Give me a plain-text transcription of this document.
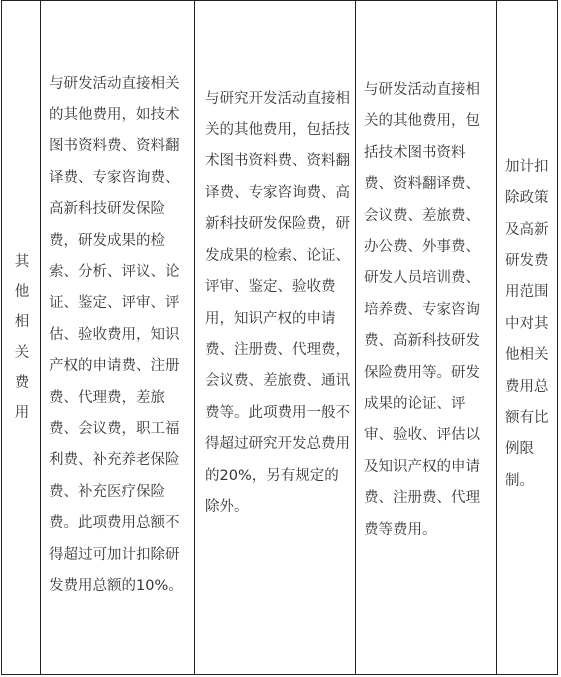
其他相关费用
与研发活动直接相关的其他费用，如技术图书资料费、资料翻译费、专家咨询费、高新科技研发保险费，研发成果的检索、分析、评议、论证、鉴定、评审、评估、验收费用，知识产权的申请费、注册费、代理费，差旅费、会议费，职工福利费、补充养老保险费、补充医疗保险费。此项费用总额不得超过可加计扣除研发费用总额的10%。
与研究开发活动直接相关的其他费用，包括技术图书资料费、资料翻译费、专家咨询费、高新科技研发保险费，研发成果的检索、论证、评审、鉴定、验收费用，知识产权的申请费、注册费、代理费，会议费、差旅费、通讯费等。此项费用一般不得超过研究开发总费用的20%，另有规定的除外。
与研发活动直接相关的其他费用，包括技术图书资料费、资料翻译费、会议费、差旅费、办公费、外事费、研发人员培训费、培养费、专家咨询费、高新科技研发保险费用等。研发成果的论证、评审、验收、评估以及知识产权的申请费、注册费、代理费等费用。
加计扣除政策及高新研发费用范围中对其他相关费用总额有比例限制。
